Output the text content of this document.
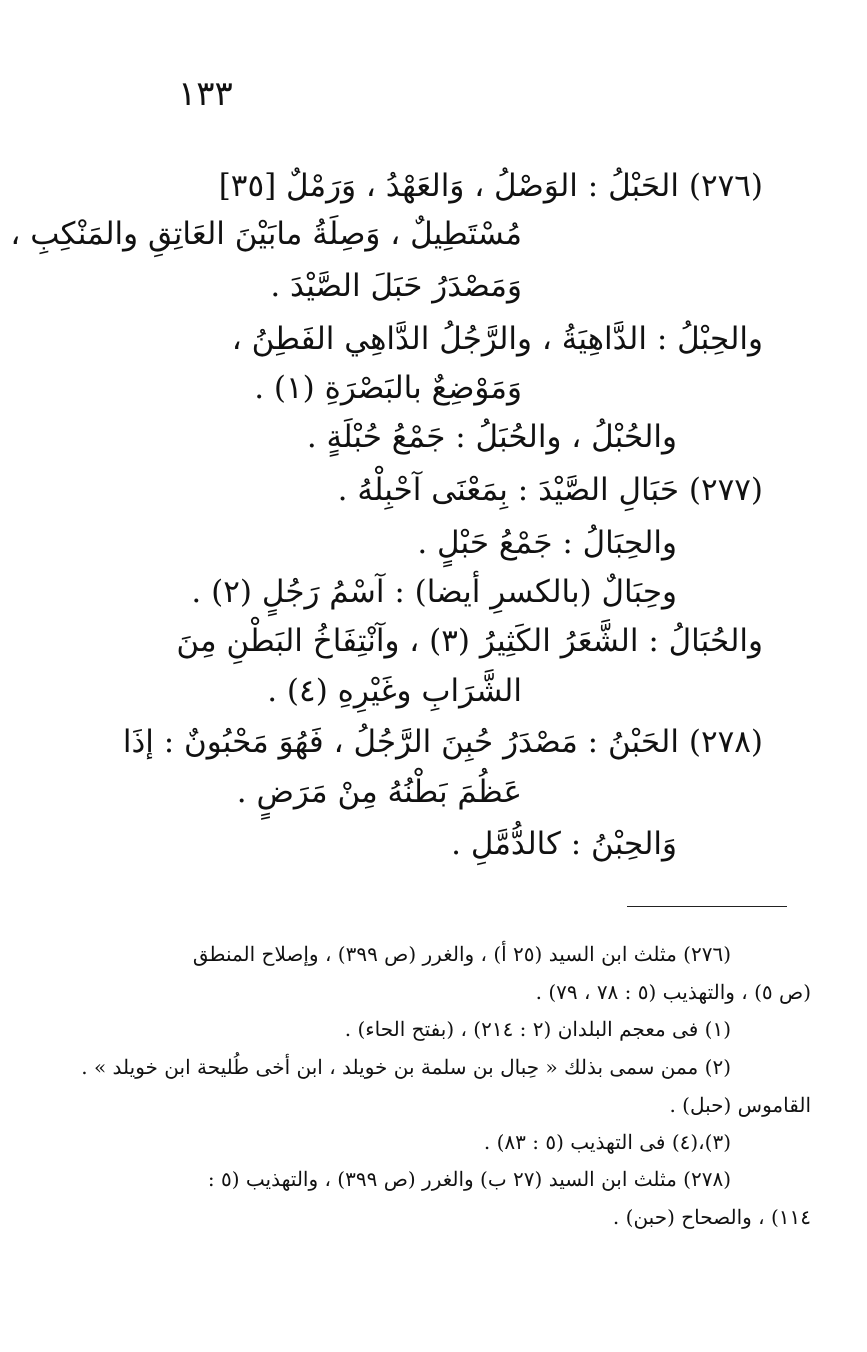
١٣٣
(٢٧٦) الحَبْلُ : الوَصْلُ ، وَالعَهْدُ ، وَرَمْلٌ [٣٥]
مُسْتَطِيلٌ ، وَصِلَةُ مابَيْنَ العَاتِقِ والمَنْكِبِ ،
وَمَصْدَرُ حَبَلَ الصَّيْدَ .
والحِبْلُ : الدَّاهِيَةُ ، والرَّجُلُ الدَّاهِي الفَطِنُ ،
وَمَوْضِعٌ بالبَصْرَةِ (١) .
والحُبْلُ ، والحُبَلُ : جَمْعُ حُبْلَةٍ .
(٢٧٧) حَبَالِ الصَّيْدَ : بِمَعْنَى آحْبِلْهُ .
والحِبَالُ : جَمْعُ حَبْلٍ .
وحِبَالٌ (بالكسرِ أيضا) : آسْمُ رَجُلٍ (٢) .
والحُبَالُ : الشَّعَرُ الكَثِيرُ (٣) ، وآنْتِفَاخُ البَطْنِ مِنَ
الشَّرَابِ وغَيْرِهِ (٤) .
(٢٧٨) الحَبْنُ : مَصْدَرُ حُبِنَ الرَّجُلُ ، فَهُوَ مَحْبُونٌ : إذَا
عَظُمَ بَطْنُهُ مِنْ مَرَضٍ .
وَالحِبْنُ : كالدُّمَّلِ .
(٢٧٦) مثلث ابن السيد (٢٥ أ) ، والغرر (ص ٣٩٩) ، وإصلاح المنطق
(ص ٥) ، والتهذيب (٥ : ٧٨ ، ٧٩) .
(١) فى معجم البلدان (٢ : ٢١٤) ، (بفتح الحاء) .
(٢) ممن سمى بذلك « حِبال بن سلمة بن خويلد ، ابن أخى طُليحة ابن خويلد » .
القاموس (حبل) .
(٣)،(٤) فى التهذيب (٥ : ٨٣) .
(٢٧٨) مثلث ابن السيد (٢٧ ب) والغرر (ص ٣٩٩) ، والتهذيب (٥ :
١١٤) ، والصحاح (حبن) .
